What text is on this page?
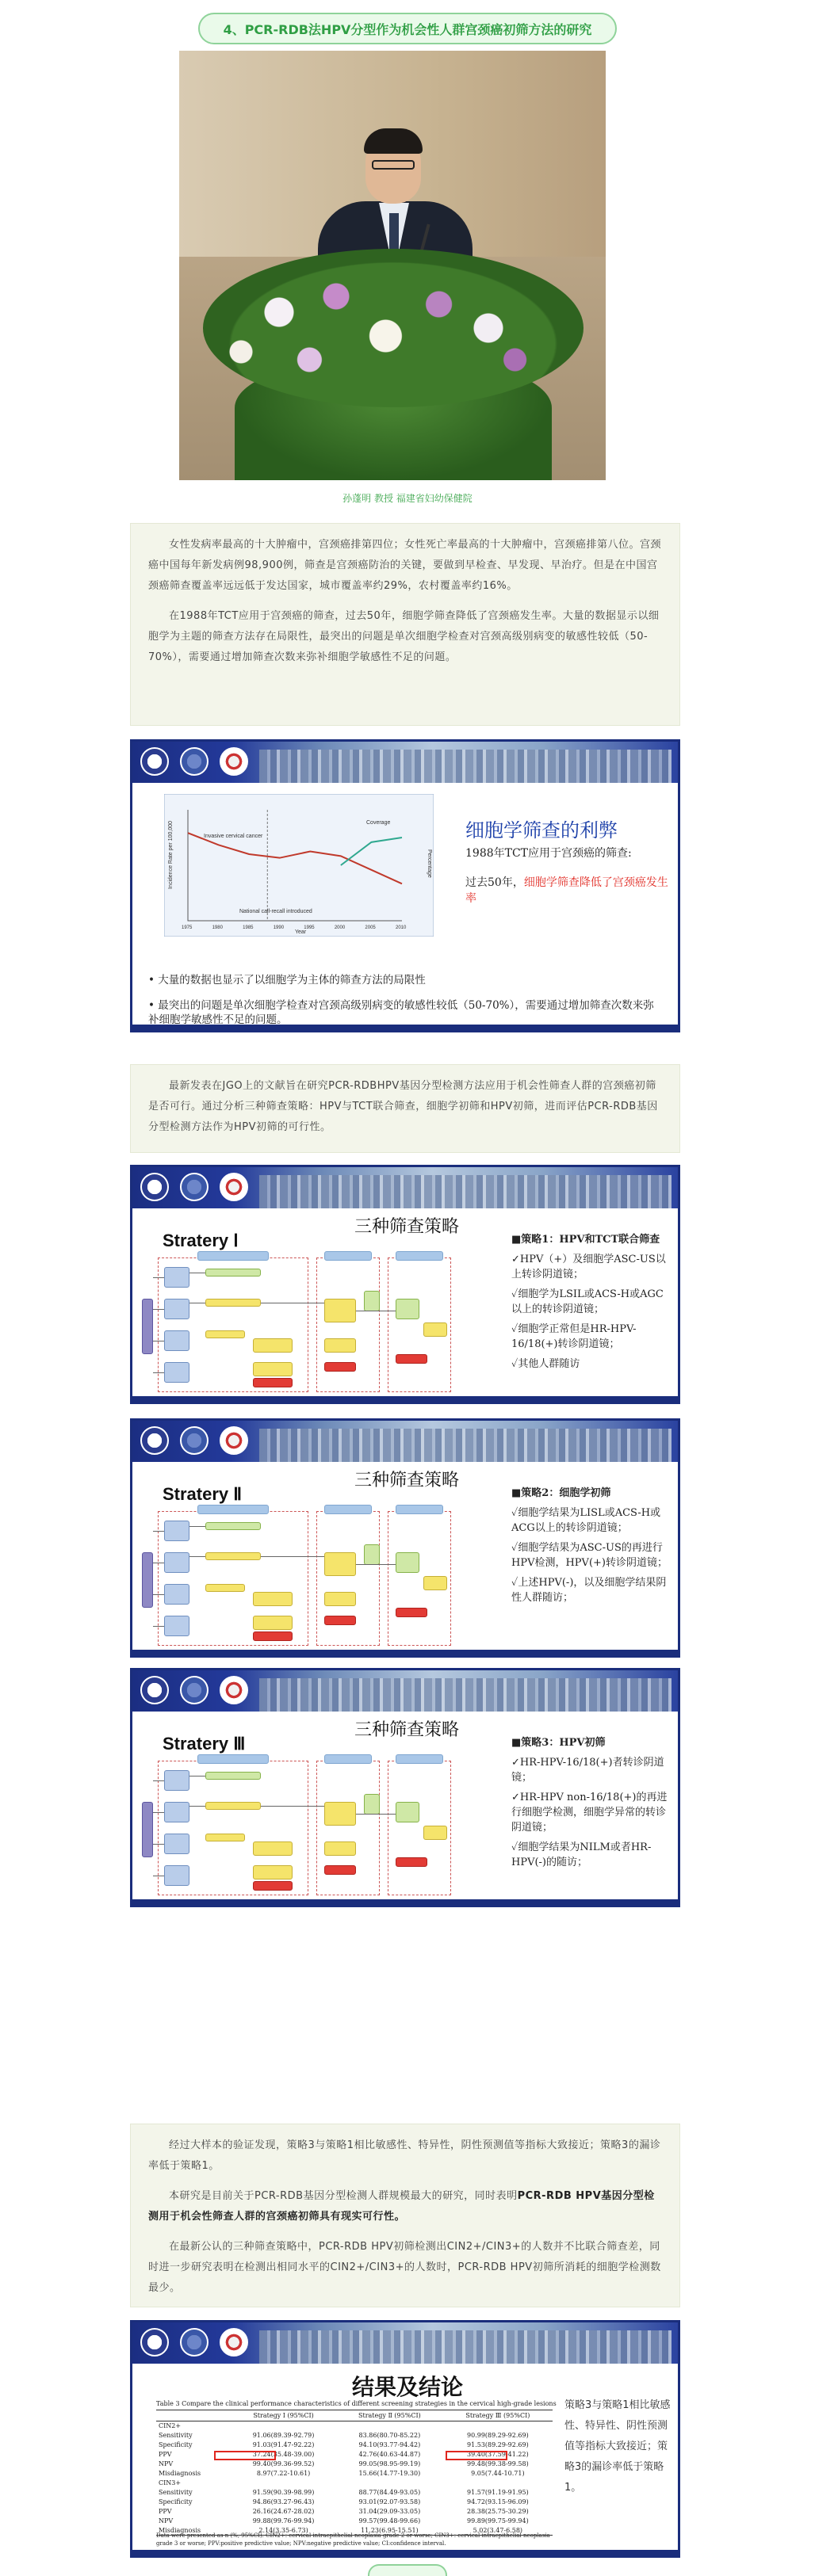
4、PCR-RDB法HPV分型作为机会性人群宫颈癌初筛方法的研究
孙蓬明 教授 福建省妇幼保健院

女性发病率最高的十大肿瘤中，宫颈癌排第四位；女性死亡率最高的十大肿瘤中，宫颈癌排第八位。宫颈癌中国每年新发病例98,900例，筛查是宫颈癌防治的关键，要做到早检查、早发现、早治疗。但是在中国宫颈癌筛查覆盖率远远低于发达国家，城市覆盖率约29%，农村覆盖率约16%。

在1988年TCT应用于宫颈癌的筛查，过去50年，细胞学筛查降低了宫颈癌发生率。大量的数据显示以细胞学为主题的筛查方法存在局限性，最突出的问题是单次细胞学检查对宫颈高级别病变的敏感性较低（50-70%），需要通过增加筛查次数来弥补细胞学敏感性不足的问题。

1975	1980	1985	1990	1995	2000	2005	2010
Incidence Rate per 100,000	Percentage
Year
National call-recall introduced
Invasive cervical cancer
Coverage	细胞学筛查的利弊
1988年TCT应用于宫颈癌的筛查:
过去50年，细胞学筛查降低了宫颈癌发生率
• 大量的数据也显示了以细胞学为主体的筛查方法的局限性
• 最突出的问题是单次细胞学检查对宫颈高级别病变的敏感性较低（50-70%），需要通过增加筛查次数来弥补细胞学敏感性不足的问题。

最新发表在JGO上的文献旨在研究PCR-RDBHPV基因分型检测方法应用于机会性筛查人群的宫颈癌初筛是否可行。通过分析三种筛查策略：HPV与TCT联合筛查，细胞学初筛和HPV初筛，进而评估PCR-RDB基因分型检测方法作为HPV初筛的可行性。

三种筛查策略
Stratery Ⅰ	■策略1：HPV和TCT联合筛查
✓HPV（+）及细胞学ASC-US以上转诊阴道镜；
✓细胞学为LSIL或ACS-H或AGC以上的转诊阴道镜；
✓细胞学正常但是HR-HPV-16/18(+)转诊阴道镜；
✓其他人群随访
三种筛查策略
Stratery Ⅱ	■策略2：细胞学初筛
✓细胞学结果为LISL或ACS-H或ACG以上的转诊阴道镜；
✓细胞学结果为ASC-US的再进行HPV检测，HPV(+)转诊阴道镜；
✓上述HPV(-)，以及细胞学结果阴性人群随访；
三种筛查策略
Stratery Ⅲ	■策略3：HPV初筛
✓HR-HPV-16/18(+)者转诊阴道镜；
✓HR-HPV non-16/18(+)的再进行细胞学检测，细胞学异常的转诊阴道镜；
✓细胞学结果为NILM或者HR-HPV(-)的随访；

经过大样本的验证发现，策略3与策略1相比敏感性、特异性，阴性预测值等指标大致接近；策略3的漏诊率低于策略1。

本研究是目前关于PCR-RDB基因分型检测人群规模最大的研究，同时表明PCR-RDB HPV基因分型检测用于机会性筛查人群的宫颈癌初筛具有现实可行性。

在最新公认的三种筛查策略中，PCR-RDB HPV初筛检测出CIN2+/CIN3+的人数并不比联合筛查差，同时进一步研究表明在检测出相同水平的CIN2+/CIN3+的人数时，PCR-RDB HPV初筛所消耗的细胞学检测数最少。

结果及结论
Table 3 Compare the clinical performance characteristics of different screening strategies in the cervical high-grade lesions
	Strategy Ⅰ (95%CI)	Strategy Ⅱ (95%CI)	Strategy Ⅲ (95%CI)
CIN2+			
Sensitivity	91.06(89.39-92.79)	83.86(80.70-85.22)	90.99(89.29-92.69)
Specificity	91.03(91.47-92.22)	94.10(93.77-94.42)	91.53(89.29-92.69)
PPV	37.24(35.48-39.00)	42.76(40.63-44.87)	39.40(37.59-41.22)
NPV	99.40(99.36-99.52)	99.05(98.95-99.19)	99.48(99.38-99.58)
Misdiagnosis	8.97(7.22-10.61)	15.66(14.77-19.30)	9.05(7.44-10.71)
CIN3+			
Sensitivity	91.59(90.39-98.99)	88.77(84.49-93.05)	91.57(91.19-91.95)
Specificity	94.86(93.27-96.43)	93.01(92.07-93.58)	94.72(93.15-96.09)
PPV	26.16(24.67-28.02)	31.04(29.09-33.05)	28.38(25.75-30.29)
NPV	99.88(99.76-99.94)	99.57(99.48-99.66)	99.89(99.75-99.94)
Misdiagnosis	2.14(3.35-6.73)	11.23(6.95-15.51)	5.02(3.47-6.58)
Data were presented as n (%, 95%CI). CIN2+: cervical intraepithelial neoplasia grade 2 or worse; CIN3+: cervical intraepithelial neoplasia grade 3 or worse; PPV:positive predictive value; NPV:negative predictive value; CI:confidence interval.
策略3与策略1相比敏感性、特异性、阴性预测值等指标大致接近；策略3的漏诊率低于策略1。
